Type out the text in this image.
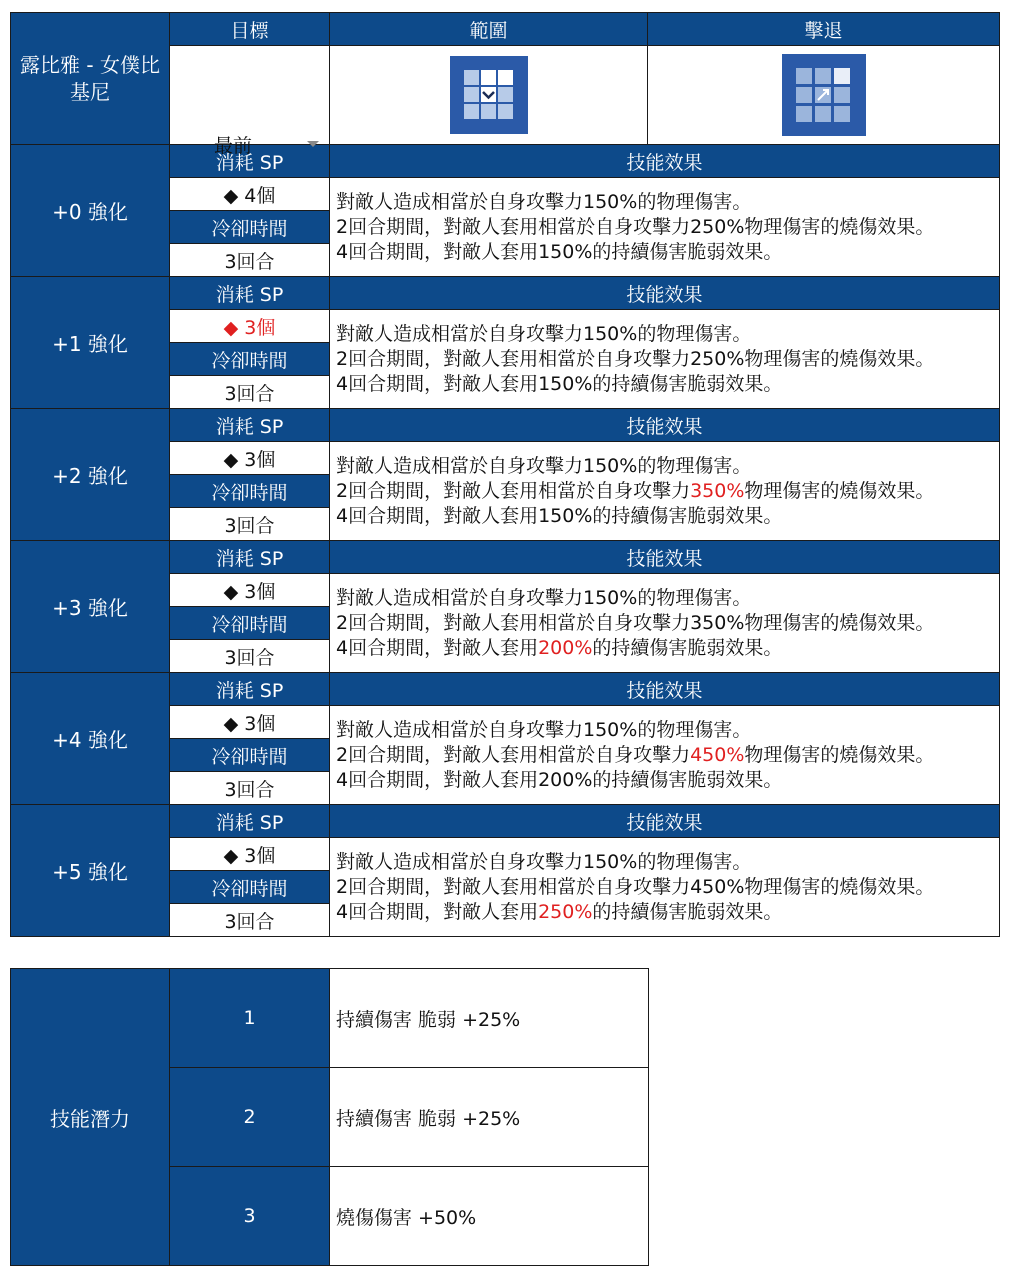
露比雅 - 女僕比基尼	目標	範圍	擊退

	最前

+0 強化	消耗 SP	技能效果	
	◆ 4個	對敵人造成相當於自身攻擊力150%的物理傷害。
2回合期間，對敵人套用相當於自身攻擊力250%物理傷害的燒傷效果。
4回合期間，對敵人套用150%的持續傷害脆弱效果。	

	冷卻時間		
	3回合		
+1 強化	消耗 SP	技能效果	
	◆ 3個	對敵人造成相當於自身攻擊力150%的物理傷害。
2回合期間，對敵人套用相當於自身攻擊力250%物理傷害的燒傷效果。
4回合期間，對敵人套用150%的持續傷害脆弱效果。	

	冷卻時間		
	3回合		
+2 強化	消耗 SP	技能效果	
	◆ 3個	對敵人造成相當於自身攻擊力150%的物理傷害。
2回合期間，對敵人套用相當於自身攻擊力350%物理傷害的燒傷效果。
4回合期間，對敵人套用150%的持續傷害脆弱效果。	

	冷卻時間		
	3回合		
+3 強化	消耗 SP	技能效果	
	◆ 3個	對敵人造成相當於自身攻擊力150%的物理傷害。
2回合期間，對敵人套用相當於自身攻擊力350%物理傷害的燒傷效果。
4回合期間，對敵人套用200%的持續傷害脆弱效果。	

	冷卻時間		
	3回合		
+4 強化	消耗 SP	技能效果	
	◆ 3個	對敵人造成相當於自身攻擊力150%的物理傷害。
2回合期間，對敵人套用相當於自身攻擊力450%物理傷害的燒傷效果。
4回合期間，對敵人套用200%的持續傷害脆弱效果。	

	冷卻時間		
	3回合		
+5 強化	消耗 SP	技能效果	
	◆ 3個	對敵人造成相當於自身攻擊力150%的物理傷害。
2回合期間，對敵人套用相當於自身攻擊力450%物理傷害的燒傷效果。
4回合期間，對敵人套用250%的持續傷害脆弱效果。	

	冷卻時間		
	3回合		
技能潛力	1	持續傷害 脆弱 +25%
	2	持續傷害 脆弱 +25%
	3	燒傷傷害 +50%
